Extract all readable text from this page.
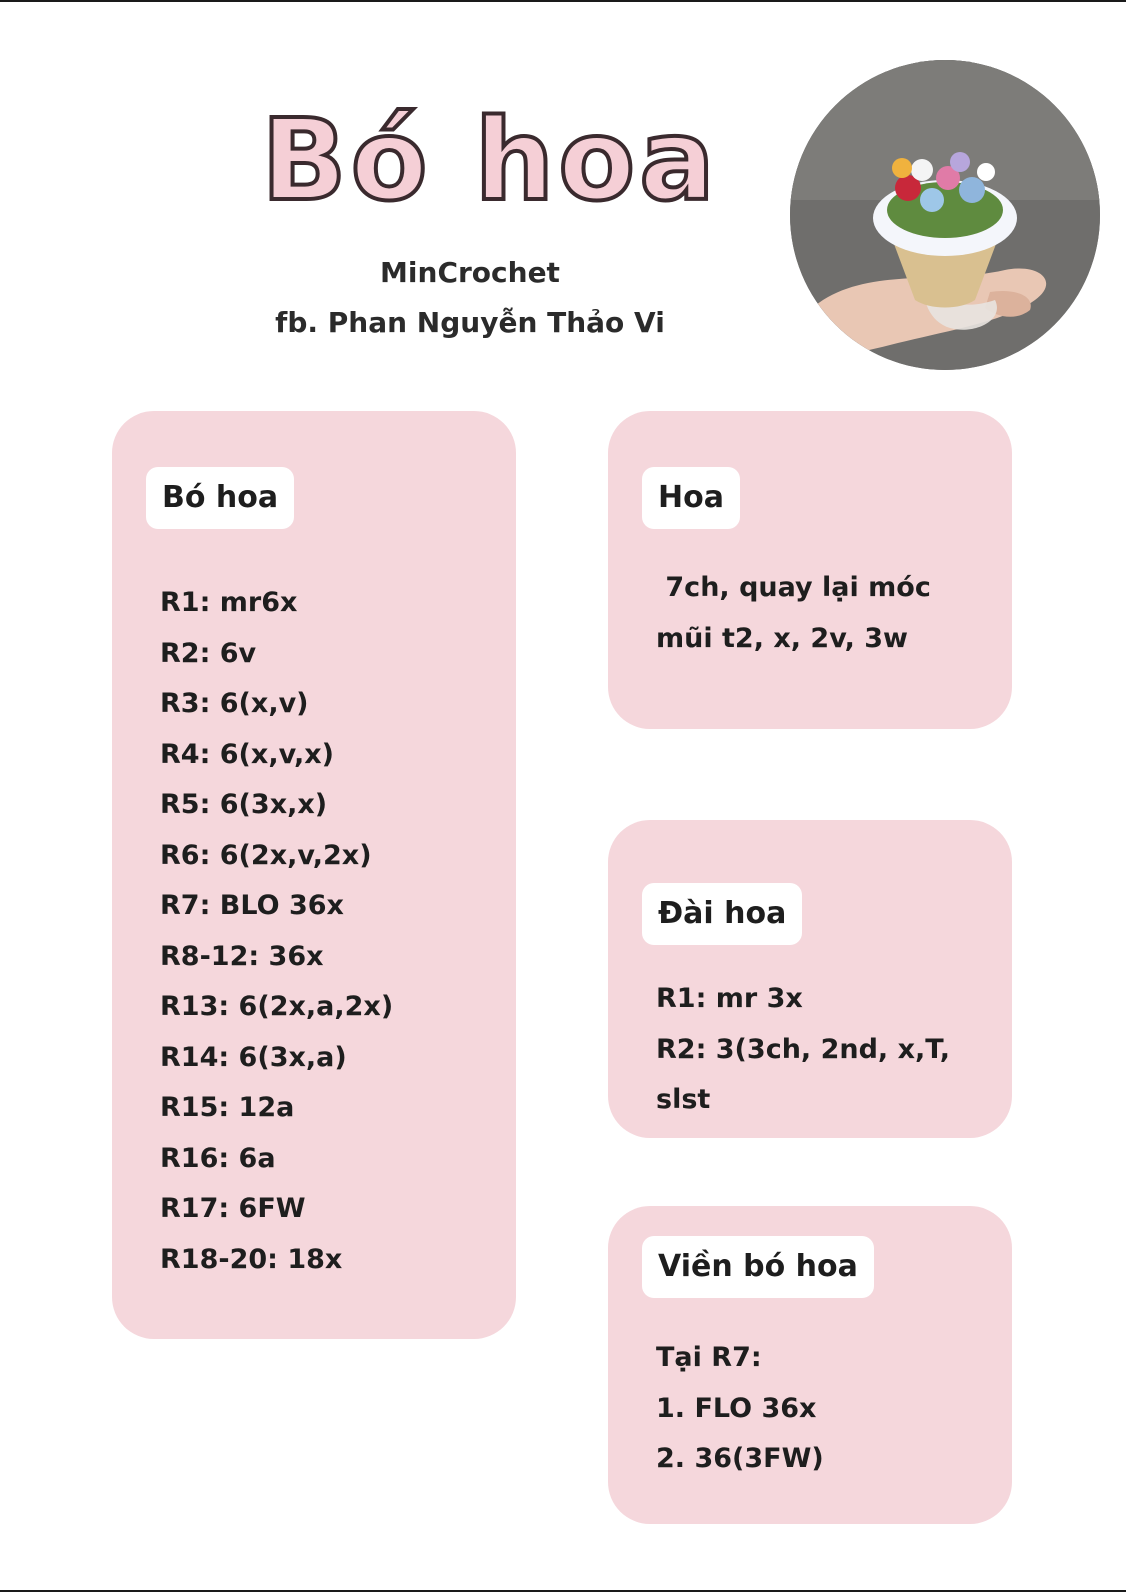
Bó hoa
MinCrochet
fb. Phan Nguyễn Thảo Vi
Bó hoa
R1: mr6x
R2: 6v
R3: 6(x,v)
R4: 6(x,v,x)
R5: 6(3x,x)
R6: 6(2x,v,2x)
R7: BLO 36x
R8-12: 36x
R13: 6(2x,a,2x)
R14: 6(3x,a)
R15: 12a
R16: 6a
R17: 6FW
R18-20: 18x
Hoa
7ch, quay lại móc
mũi t2, x, 2v, 3w
Đài hoa
R1: mr 3x
R2: 3(3ch, 2nd, x,T,
slst
Viền bó hoa
Tại R7:
1. FLO 36x
2. 36(3FW)
